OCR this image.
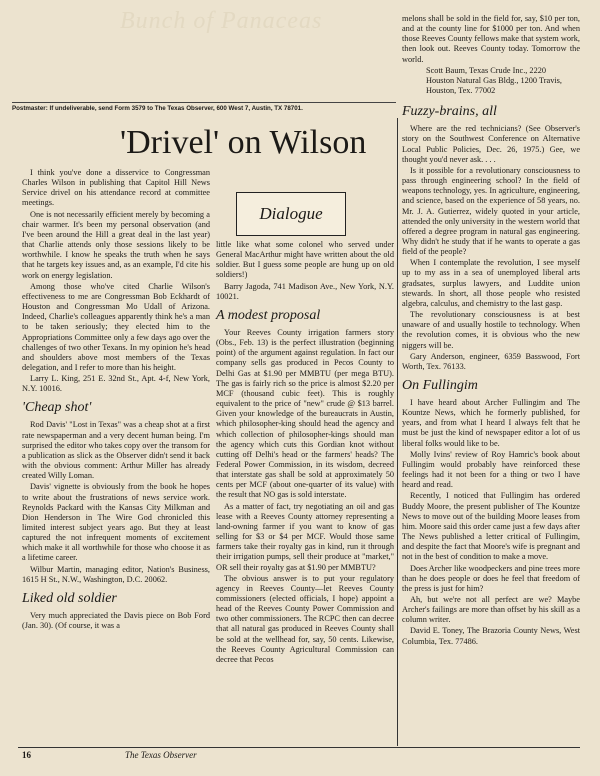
Bunch of Panaceas
Postmaster: If undeliverable, send Form 3579 to The Texas Observer, 600 West 7, Austin, TX 78701.
'Drivel' on Wilson
Dialogue

I think you've done a disservice to Congressman Charles Wilson in publishing that Capitol Hill News Service drivel on his attendance record at committee meetings.

One is not necessarily efficient merely by becoming a chair warmer. It's been my personal observation (and I've been around the Hill a great deal in the last year) that Charlie attends only those sessions likely to be worthwhile. I know he speaks the truth when he says that he targets key issues and, as an example, I'd cite his work on energy legislation.

Among those who've cited Charlie Wilson's effectiveness to me are Congressman Bob Eckhardt of Houston and Congressman Mo Udall of Arizona. Indeed, Charlie's colleagues apparently think he's a man to be taken seriously; they elected him to the Appropriations Committee only a few days ago over the challenges of two other Texans. In my opinion he's head and shoulders above most members of the Texas delegation, and I refer to more than his height.

Larry L. King, 251 E. 32nd St., Apt. 4-f, New York, N.Y. 10016.

'Cheap shot'

Rod Davis' "Lost in Texas" was a cheap shot at a first rate newspaperman and a very decent human being. I'm surprised the editor who takes copy over the transom for a publication as slick as the Observer didn't send it back with the obvious comment: Arthur Miller has already created Willy Loman.

Davis' vignette is obviously from the book he hopes to write about the frustrations of news service work. Reynolds Packard with the Kansas City Milkman and Dion Henderson in The Wire God chronicled this limited interest subject years ago. But they at least captured the not infrequent moments of excitement which make it all worthwhile for those who choose it as a lifetime career.

Wilbur Martin, managing editor, Nation's Business, 1615 H St., N.W., Washington, D.C. 20062.

Liked old soldier

Very much appreciated the Davis piece on Bob Ford (Jan. 30). (Of course, it was a

little like what some colonel who served under General MacArthur might have written about the old soldier. But I guess some people are hung up on old soldiers!)

Barry Jagoda, 741 Madison Ave., New York, N.Y. 10021.

A modest proposal

Your Reeves County irrigation farmers story (Obs., Feb. 13) is the perfect illustration (beginning point) of the argument against regulation. In fact our company sells gas produced in Pecos County to Delhi Gas at $1.90 per MMBTU (per mega BTU). The gas is fairly rich so the price is almost $2.20 per MCF (thousand cubic feet). This is roughly equivalent to the price of "new" crude @ $13 barrel. Given your knowledge of the bureaucrats in Austin, which philosopher-king should head the agency and which collection of philosopher-kings should man the agency which cuts this Gordian knot without cutting off Delhi's head or the farmers' heads? The Federal Power Commission, in its wisdom, decreed that interstate gas shall be sold at approximately 50 cents per MCF (about one-quarter of its value) with the result that NO gas is sold interstate.

As a matter of fact, try negotiating an oil and gas lease with a Reeves County attorney representing a land-owning farmer if you want to know of gas selling for $3 or $4 per MCF. Would those same farmers take their royalty gas in kind, run it through their irrigation pumps, sell their produce at "market," OR sell their royalty gas at $1.90 per MMBTU?

The obvious answer is to put your regulatory agency in Reeves County—let Reeves County commissioners (elected officials, I hope) appoint a head of the Reeves County Power Commission and two other commissioners. The RCPC then can decree that all natural gas produced in Reeves County shall be sold at the wellhead for, say, 50 cents. Likewise, the Reeves County Agricultural Commission can decree that Pecos

melons shall be sold in the field for, say, $10 per ton, and at the county line for $1000 per ton. And when those Reeves County fellows make that system work, then look out. Reeves County today. Tomorrow the world.

Scott Baum, Texas Crude Inc., 2220
Houston Natural Gas Bldg., 1200 Travis,
Houston, Tex. 77002
Fuzzy-brains, all

Where are the red technicians? (See Observer's story on the Southwest Conference on Alternative Local Public Policies, Dec. 26, 1975.) Gee, we thought you'd never ask. . . .

Is it possible for a revolutionary consciousness to pass through engineering school? In the field of weapons technology, yes. In agriculture, engineering, and science, based on the experience of 58 years, no. Mr. J. A. Gutierrez, widely quoted in your article, attended the only university in the western world that offered a degree program in natural gas engineering. Why didn't he study that if he wants to operate a gas field of the people?

When I contemplate the revolution, I see myself up to my ass in a sea of unemployed liberal arts gradsates, surplus lawyers, and Luddite union stewards. In short, all those people who resisted algebra, calculus, and chemistry to the last gasp.

The revolutionary consciousness is at best unaware of and usually hostile to technology. When the revolution comes, it is obvious who the new niggers will be.

Gary Anderson, engineer, 6359 Basswood, Fort Worth, Tex. 76133.

On Fullingim

I have heard about Archer Fullingim and The Kountze News, which he formerly published, for years, and from what I heard I always felt that he must be just the kind of newspaper editor a lot of us liberal folks would like to be.

Molly Ivins' review of Roy Hamric's book about Fullingim would probably have reinforced these feelings had it not been for a thing or two I have heard and read.

Recently, I noticed that Fullingim has ordered Buddy Moore, the present publisher of The Kountze News to move out of the building Moore leases from him. Moore said this order came just a few days after The News published a letter critical of Fullingim, and despite the fact that Moore's wife is pregnant and not in the best of condition to make a move.

Does Archer like woodpeckers and pine trees more than he does people or does he feel that freedom of the press is just for him?

Ah, but we're not all perfect are we? Maybe Archer's failings are more than offset by his skill as a column writer.

David E. Toney, The Brazoria County News, West Columbia, Tex. 77486.

16	The Texas Observer
